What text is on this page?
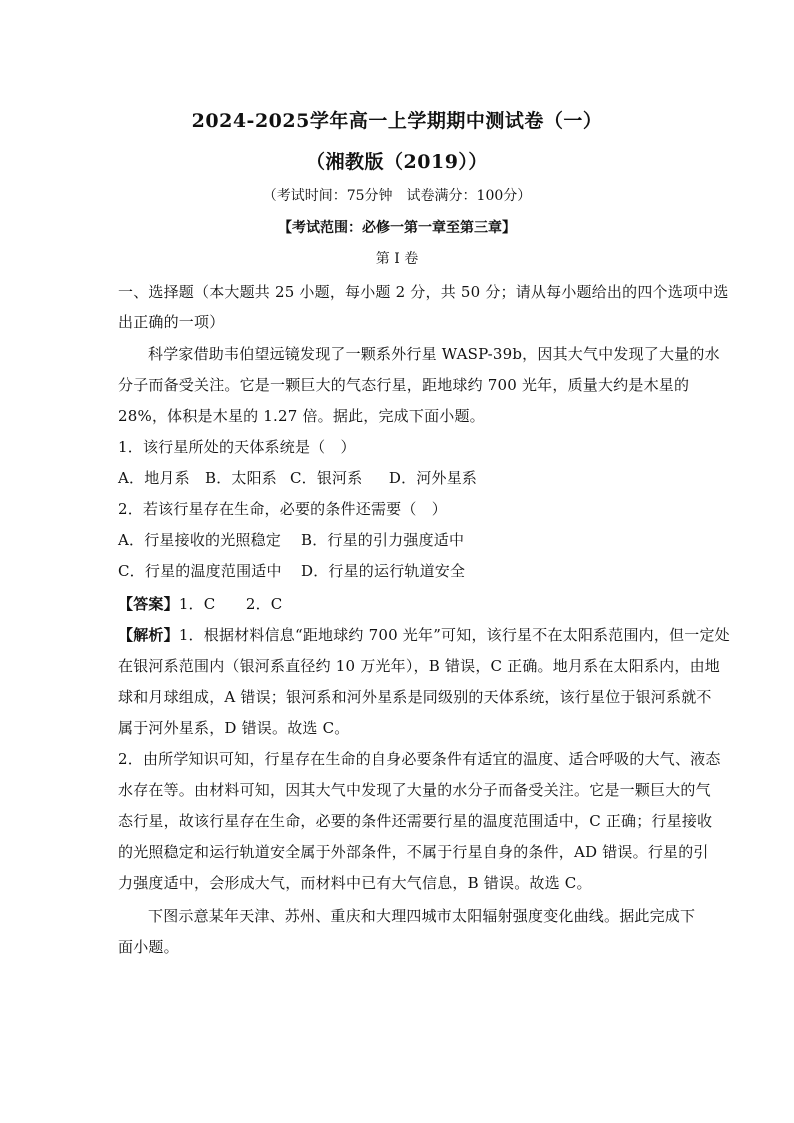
2024-2025学年高一上学期期中测试卷（一）
（湘教版（2019））
（考试时间：75分钟　试卷满分：100分）
【考试范围：必修一第一章至第三章】
第 I 卷
一、选择题（本大题共 25 小题，每小题 2 分，共 50 分；请从每小题给出的四个选项中选
出正确的一项）
科学家借助韦伯望远镜发现了一颗系外行星 WASP-39b，因其大气中发现了大量的水
分子而备受关注。它是一颗巨大的气态行星，距地球约 700 光年，质量大约是木星的
28%，体积是木星的 1.27 倍。据此，完成下面小题。
1．该行星所处的天体系统是（　）
A．地月系 B．太阳系 C．银河系 D．河外星系
2．若该行星存在生命，必要的条件还需要（　）
A．行星接收的光照稳定 B．行星的引力强度适中
C．行星的温度范围适中 D．行星的运行轨道安全
【答案】1．C　　2．C
【解析】1．根据材料信息“距地球约 700 光年”可知，该行星不在太阳系范围内，但一定处
在银河系范围内（银河系直径约 10 万光年），B 错误，C 正确。地月系在太阳系内，由地
球和月球组成，A 错误；银河系和河外星系是同级别的天体系统，该行星位于银河系就不
属于河外星系，D 错误。故选 C。
2．由所学知识可知，行星存在生命的自身必要条件有适宜的温度、适合呼吸的大气、液态
水存在等。由材料可知，因其大气中发现了大量的水分子而备受关注。它是一颗巨大的气
态行星，故该行星存在生命，必要的条件还需要行星的温度范围适中，C 正确；行星接收
的光照稳定和运行轨道安全属于外部条件，不属于行星自身的条件，AD 错误。行星的引
力强度适中，会形成大气，而材料中已有大气信息，B 错误。故选 C。
下图示意某年天津、苏州、重庆和大理四城市太阳辐射强度变化曲线。据此完成下
面小题。
